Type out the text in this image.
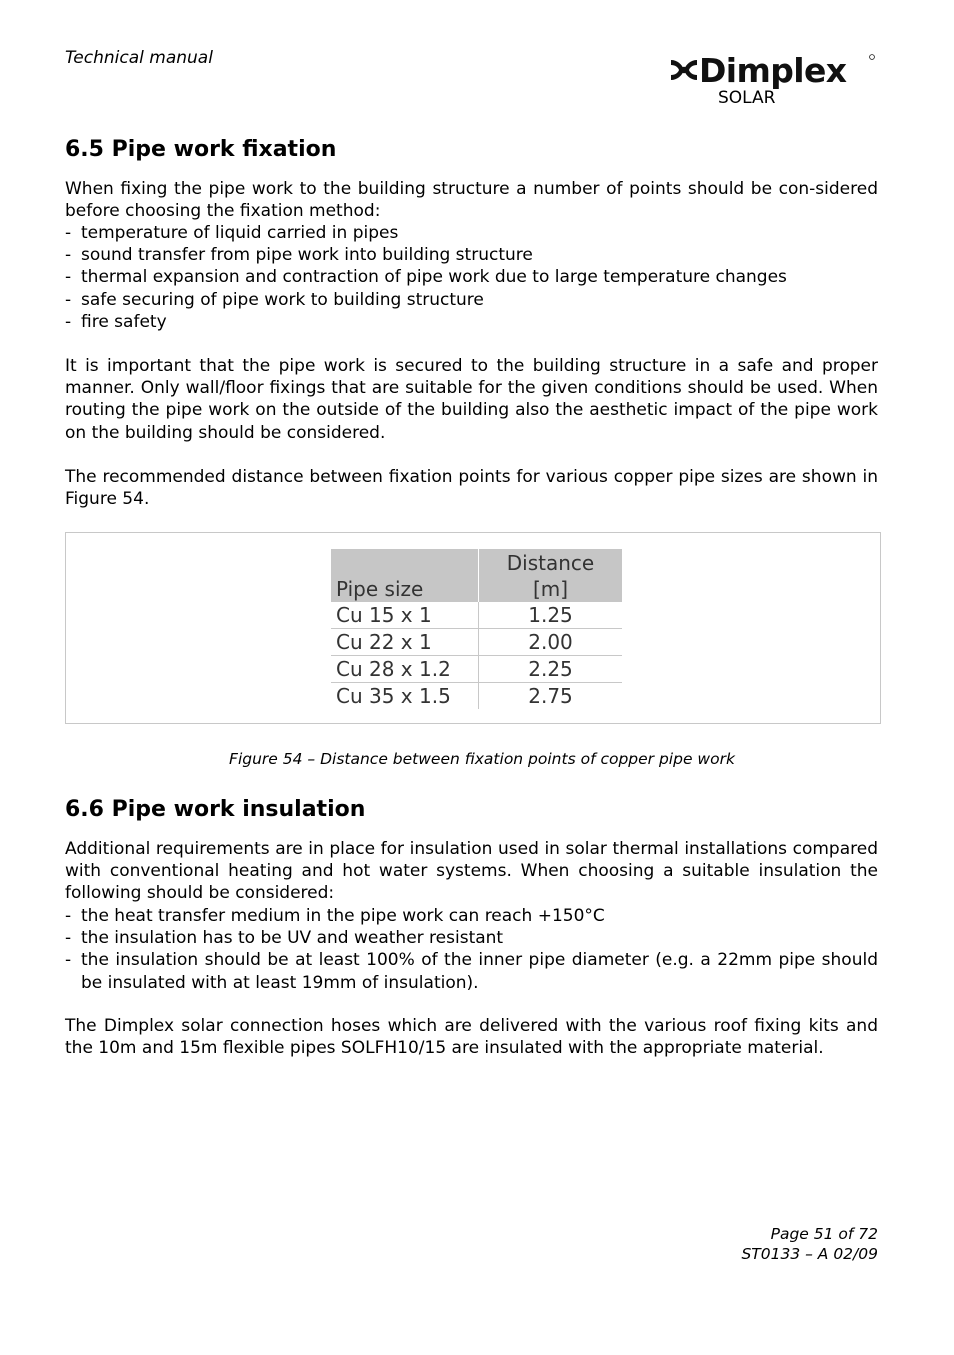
Technical manual	Dimplex
SOLAR
6.5 Pipe work fixation

When fixing the pipe work to the building structure a number of points should be con-sidered before choosing the fixation method:

- temperature of liquid carried in pipes
- sound transfer from pipe work into building structure
- thermal expansion and contraction of pipe work due to large temperature changes
- safe securing of pipe work to building structure
- fire safety

It is important that the pipe work is secured to the building structure in a safe and proper manner. Only wall/floor fixings that are suitable for the given conditions should be used. When routing the pipe work on the outside of the building also the aesthetic impact of the pipe work on the building should be considered.

The recommended distance between fixation points for various copper pipe sizes are shown in Figure 54.

Pipe size	Distance
[m]
Cu 15 x 1	1.25
Cu 22 x 1	2.00
Cu 28 x 1.2	2.25
Cu 35 x 1.5	2.75
Figure 54 – Distance between fixation points of copper pipe work
6.6 Pipe work insulation

Additional requirements are in place for insulation used in solar thermal installations compared with conventional heating and hot water systems. When choosing a suitable insulation the following should be considered:

- the heat transfer medium in the pipe work can reach +150°C
- the insulation has to be UV and weather resistant
- the insulation should be at least 100% of the inner pipe diameter (e.g. a 22mm pipe should be insulated with at least 19mm of insulation).

The Dimplex solar connection hoses which are delivered with the various roof fixing kits and the 10m and 15m flexible pipes SOLFH10/15 are insulated with the appropriate material.

Page 51 of 72
ST0133 – A 02/09
